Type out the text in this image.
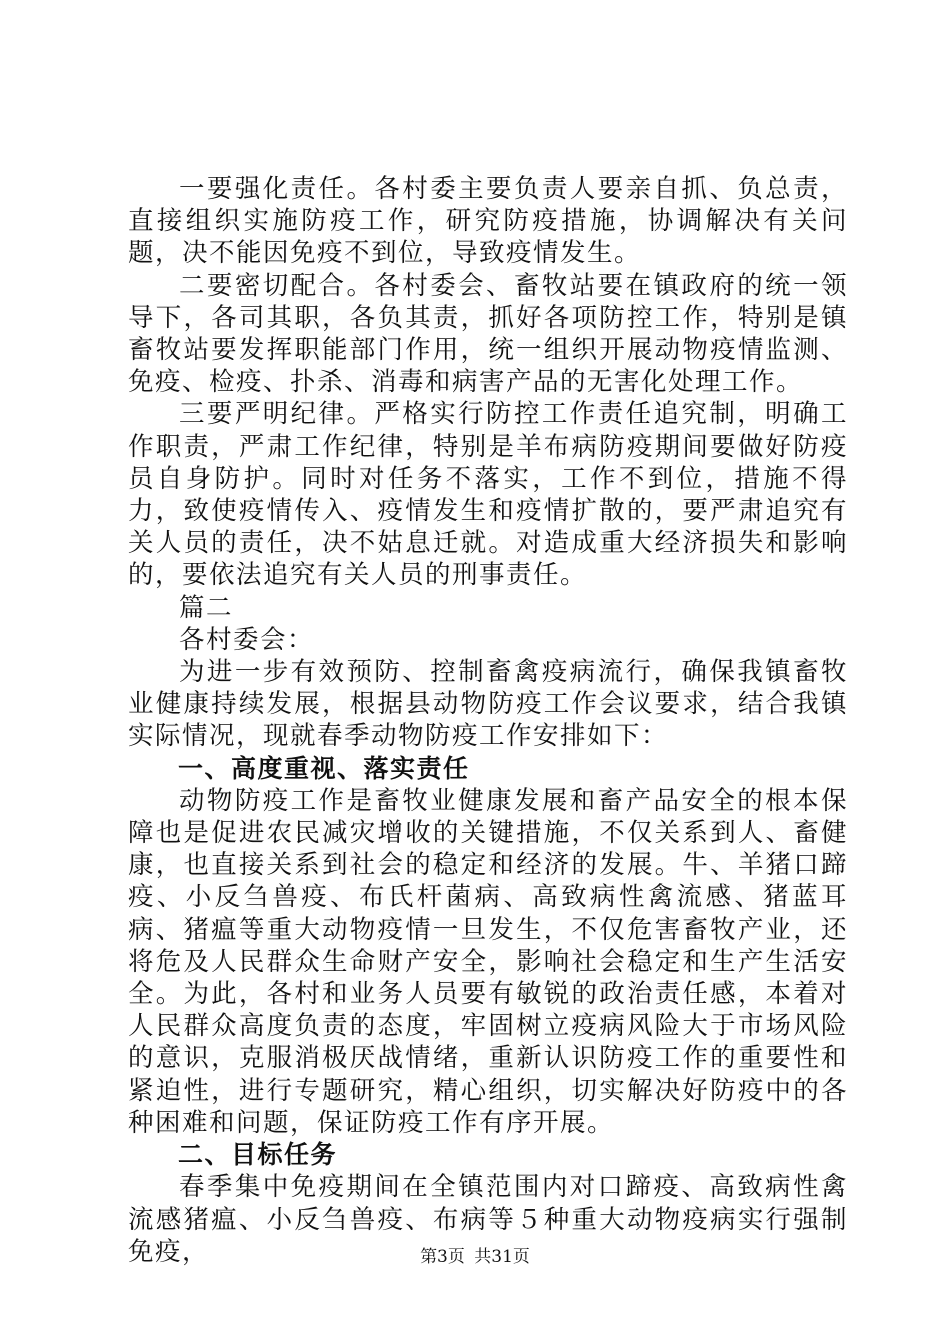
一要强化责任。各村委主要负责人要亲自抓、负总责，直接组织实施防疫工作，研究防疫措施，协调解决有关问题，决不能因免疫不到位，导致疫情发生。

二要密切配合。各村委会、畜牧站要在镇政府的统一领导下，各司其职，各负其责，抓好各项防控工作，特别是镇畜牧站要发挥职能部门作用，统一组织开展动物疫情监测、免疫、检疫、扑杀、消毒和病害产品的无害化处理工作。

三要严明纪律。严格实行防控工作责任追究制，明确工作职责，严肃工作纪律，特别是羊布病防疫期间要做好防疫员自身防护。同时对任务不落实，工作不到位，措施不得力，致使疫情传入、疫情发生和疫情扩散的，要严肃追究有关人员的责任，决不姑息迁就。对造成重大经济损失和影响的，要依法追究有关人员的刑事责任。

篇二

各村委会：

为进一步有效预防、控制畜禽疫病流行，确保我镇畜牧业健康持续发展，根据县动物防疫工作会议要求，结合我镇实际情况，现就春季动物防疫工作安排如下：

一、高度重视、落实责任

动物防疫工作是畜牧业健康发展和畜产品安全的根本保障也是促进农民减灾增收的关键措施，不仅关系到人、畜健康，也直接关系到社会的稳定和经济的发展。牛、羊猪口蹄疫、小反刍兽疫、布氏杆菌病、高致病性禽流感、猪蓝耳病、猪瘟等重大动物疫情一旦发生，不仅危害畜牧产业，还将危及人民群众生命财产安全，影响社会稳定和生产生活安全。为此，各村和业务人员要有敏锐的政治责任感，本着对人民群众高度负责的态度，牢固树立疫病风险大于市场风险的意识，克服消极厌战情绪，重新认识防疫工作的重要性和紧迫性，进行专题研究，精心组织，切实解决好防疫中的各种困难和问题，保证防疫工作有序开展。

二、目标任务

春季集中免疫期间在全镇范围内对口蹄疫、高致病性禽流感猪瘟、小反刍兽疫、布病等５种重大动物疫病实行强制免疫，	第3页 共31页
